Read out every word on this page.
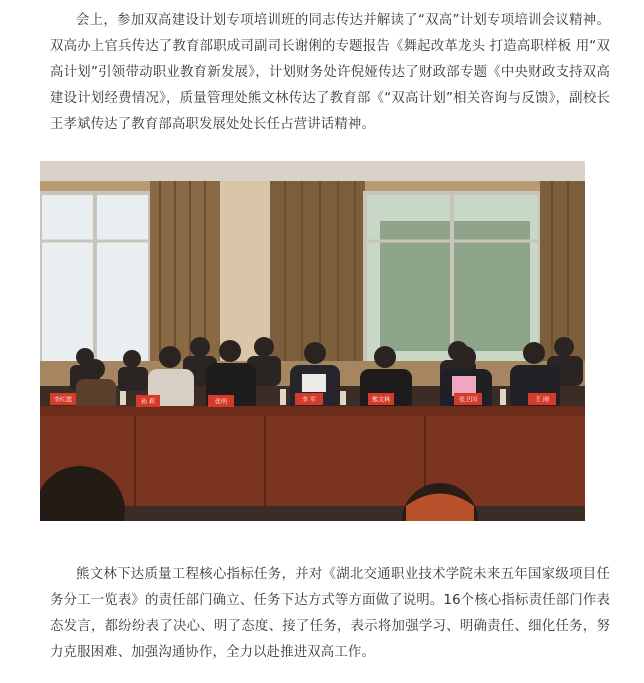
会上，参加双高建设计划专项培训班的同志传达并解读了“双高”计划专项培训会议精神。双高办上官兵传达了教育部职成司副司长谢俐的专题报告《舞起改革龙头 打造高职样板 用“双高计划”引领带动职业教育新发展》，计划财务处许倪娅传达了财政部专题《中央财政支持双高建设计划经费情况》，质量管理处熊文林传达了教育部《“双高计划”相关咨询与反馈》，副校长王孝斌传达了教育部高职发展处处长任占营讲话精神。

李红霞	孙 莉	张明	李 军	熊文林	张卫国	王 刚

熊文林下达质量工程核心指标任务，并对《湖北交通职业技术学院未来五年国家级项目任务分工一览表》的责任部门确立、任务下达方式等方面做了说明。16个核心指标责任部门作表态发言，都纷纷表了决心、明了态度、接了任务，表示将加强学习、明确责任、细化任务，努力克服困难、加强沟通协作，全力以赴推进双高工作。
